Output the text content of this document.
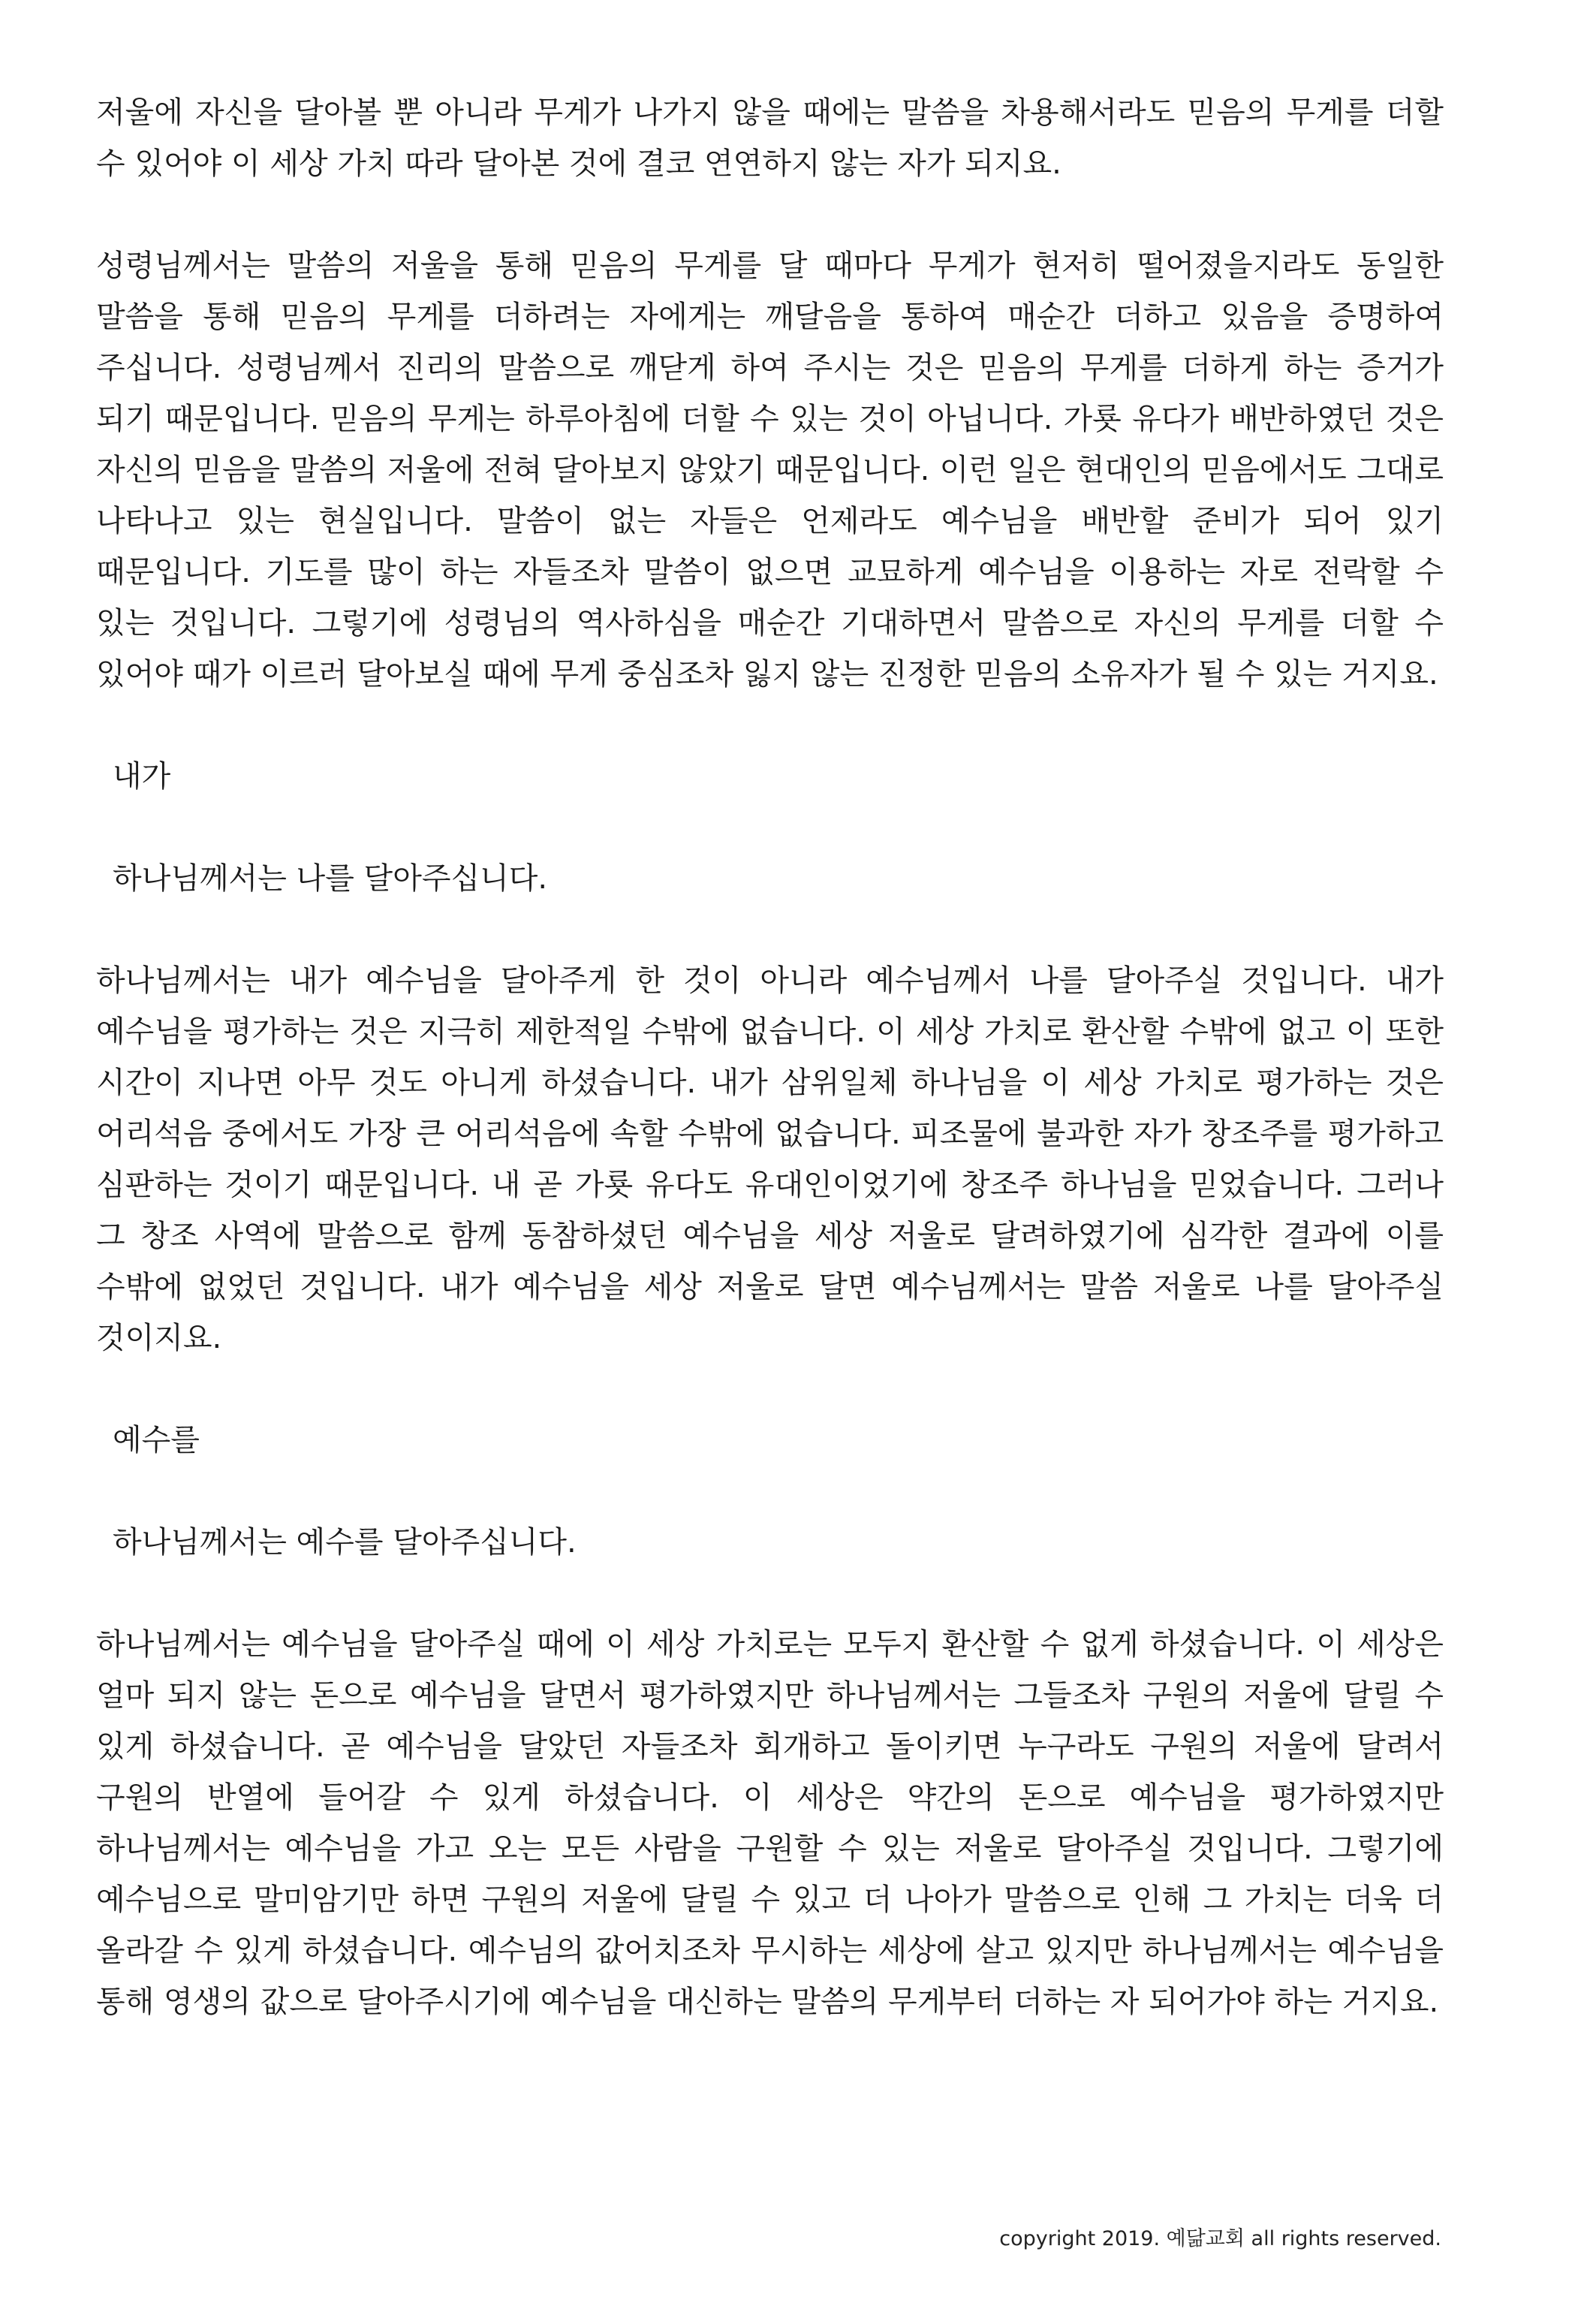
저울에 자신을 달아볼 뿐 아니라 무게가 나가지 않을 때에는 말씀을 차용해서라도 믿음의 무게를 더할 수 있어야 이 세상 가치 따라 달아본 것에 결코 연연하지 않는 자가 되지요.

성령님께서는 말씀의 저울을 통해 믿음의 무게를 달 때마다 무게가 현저히 떨어졌을지라도 동일한 말씀을 통해 믿음의 무게를 더하려는 자에게는 깨달음을 통하여 매순간 더하고 있음을 증명하여 주십니다. 성령님께서 진리의 말씀으로 깨닫게 하여 주시는 것은 믿음의 무게를 더하게 하는 증거가 되기 때문입니다. 믿음의 무게는 하루아침에 더할 수 있는 것이 아닙니다. 가룟 유다가 배반하였던 것은 자신의 믿음을 말씀의 저울에 전혀 달아보지 않았기 때문입니다. 이런 일은 현대인의 믿음에서도 그대로 나타나고 있는 현실입니다. 말씀이 없는 자들은 언제라도 예수님을 배반할 준비가 되어 있기 때문입니다. 기도를 많이 하는 자들조차 말씀이 없으면 교묘하게 예수님을 이용하는 자로 전락할 수 있는 것입니다. 그렇기에 성령님의 역사하심을 매순간 기대하면서 말씀으로 자신의 무게를 더할 수 있어야 때가 이르러 달아보실 때에 무게 중심조차 잃지 않는 진정한 믿음의 소유자가 될 수 있는 거지요.

내가

하나님께서는 나를 달아주십니다.

하나님께서는 내가 예수님을 달아주게 한 것이 아니라 예수님께서 나를 달아주실 것입니다. 내가 예수님을 평가하는 것은 지극히 제한적일 수밖에 없습니다. 이 세상 가치로 환산할 수밖에 없고 이 또한 시간이 지나면 아무 것도 아니게 하셨습니다. 내가 삼위일체 하나님을 이 세상 가치로 평가하는 것은 어리석음 중에서도 가장 큰 어리석음에 속할 수밖에 없습니다. 피조물에 불과한 자가 창조주를 평가하고 심판하는 것이기 때문입니다. 내 곧 가룟 유다도 유대인이었기에 창조주 하나님을 믿었습니다. 그러나 그 창조 사역에 말씀으로 함께 동참하셨던 예수님을 세상 저울로 달려하였기에 심각한 결과에 이를 수밖에 없었던 것입니다. 내가 예수님을 세상 저울로 달면 예수님께서는 말씀 저울로 나를 달아주실 것이지요.

예수를

하나님께서는 예수를 달아주십니다.

하나님께서는 예수님을 달아주실 때에 이 세상 가치로는 모두지 환산할 수 없게 하셨습니다. 이 세상은 얼마 되지 않는 돈으로 예수님을 달면서 평가하였지만 하나님께서는 그들조차 구원의 저울에 달릴 수 있게 하셨습니다. 곧 예수님을 달았던 자들조차 회개하고 돌이키면 누구라도 구원의 저울에 달려서 구원의 반열에 들어갈 수 있게 하셨습니다. 이 세상은 약간의 돈으로 예수님을 평가하였지만 하나님께서는 예수님을 가고 오는 모든 사람을 구원할 수 있는 저울로 달아주실 것입니다. 그렇기에 예수님으로 말미암기만 하면 구원의 저울에 달릴 수 있고 더 나아가 말씀으로 인해 그 가치는 더욱 더 올라갈 수 있게 하셨습니다. 예수님의 값어치조차 무시하는 세상에 살고 있지만 하나님께서는 예수님을 통해 영생의 값으로 달아주시기에 예수님을 대신하는 말씀의 무게부터 더하는 자 되어가야 하는 거지요.

copyright 2019. 예닮교회 all rights reserved.
